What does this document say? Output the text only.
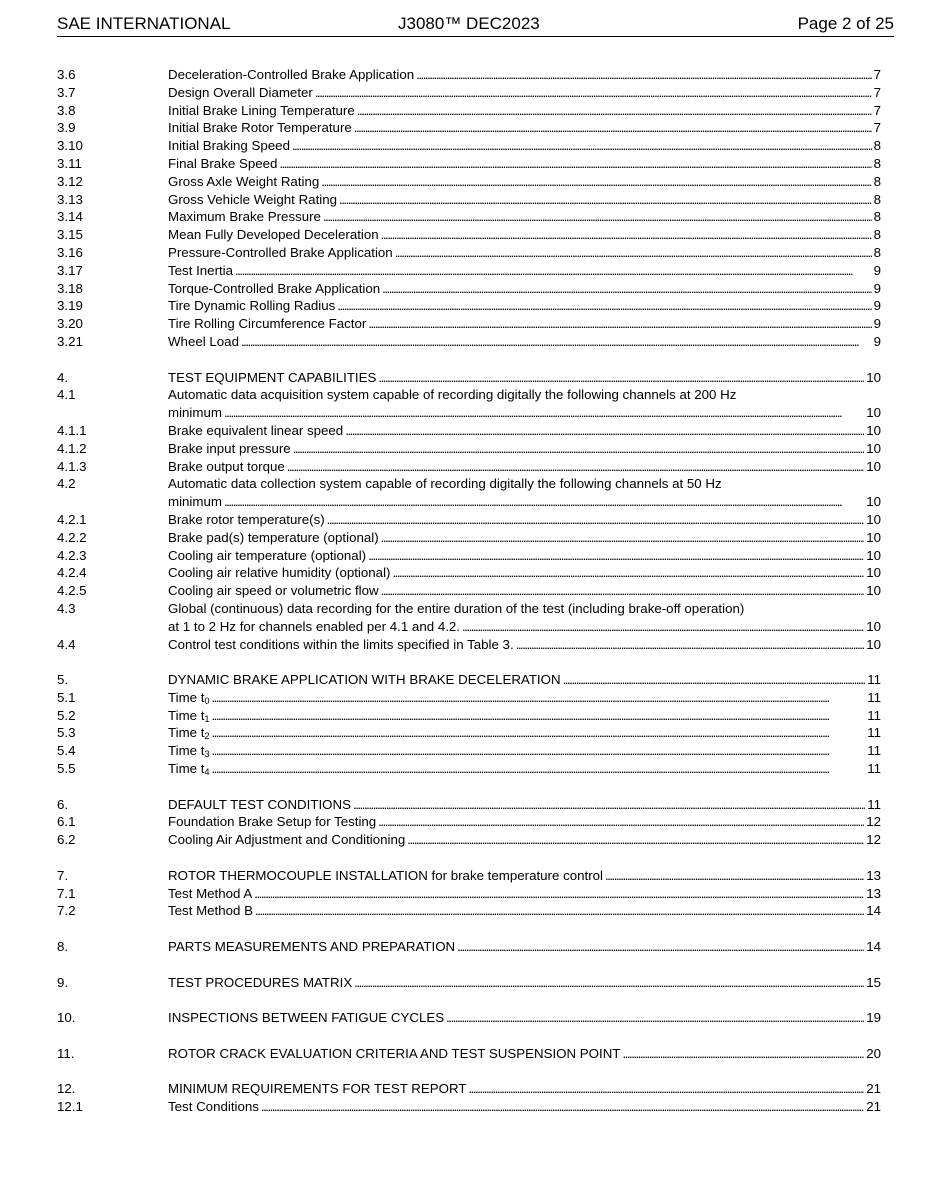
SAE INTERNATIONAL	J3080™ DEC2023	Page 2 of 25
3.6	Deceleration-Controlled Brake Application . . .	7
3.7	Design Overall Diameter . . .	7
3.8	Initial Brake Lining Temperature . . .	7
3.9	Initial Brake Rotor Temperature . . .	7
3.10	Initial Braking Speed . . .	8
3.11	Final Brake Speed . . .	8
3.12	Gross Axle Weight Rating . . .	8
3.13	Gross Vehicle Weight Rating . . .	8
3.14	Maximum Brake Pressure . . .	8
3.15	Mean Fully Developed Deceleration . . .	8
3.16	Pressure-Controlled Brake Application . . .	8
3.17	Test Inertia . . .	9
3.18	Torque-Controlled Brake Application . . .	9
3.19	Tire Dynamic Rolling Radius . . .	9
3.20	Tire Rolling Circumference Factor . . .	9
3.21	Wheel Load . . .	9
4.	TEST EQUIPMENT CAPABILITIES . . .	10
4.1	Automatic data acquisition system capable of recording digitally the following channels at 200 Hz
minimum . . .	10
4.1.1	Brake equivalent linear speed . . .	10
4.1.2	Brake input pressure . . .	10
4.1.3	Brake output torque . . .	10
4.2	Automatic data collection system capable of recording digitally the following channels at 50 Hz
minimum . . .	10
4.2.1	Brake rotor temperature(s) . . .	10
4.2.2	Brake pad(s) temperature (optional) . . .	10
4.2.3	Cooling air temperature (optional) . . .	10
4.2.4	Cooling air relative humidity (optional) . . .	10
4.2.5	Cooling air speed or volumetric flow . . .	10
4.3	Global (continuous) data recording for the entire duration of the test (including brake-off operation)
at 1 to 2 Hz for channels enabled per 4.1 and 4.2. . . .	10
4.4	Control test conditions within the limits specified in Table 3. . . .	10
5.	DYNAMIC BRAKE APPLICATION WITH BRAKE DECELERATION . . .	11
5.1	Time $t_0$ . . .	11
5.2	Time $t_1$ . . .	11
5.3	Time $t_2$ . . .	11
5.4	Time $t_3$ . . .	11
5.5	Time $t_4$ . . .	11
6.	DEFAULT TEST CONDITIONS . . .	11
6.1	Foundation Brake Setup for Testing . . .	12
6.2	Cooling Air Adjustment and Conditioning . . .	12
7.	ROTOR THERMOCOUPLE INSTALLATION for brake temperature control . . .	13
7.1	Test Method A . . .	13
7.2	Test Method B . . .	14
8.	PARTS MEASUREMENTS AND PREPARATION . . .	14
9.	TEST PROCEDURES MATRIX . . .	15
10.	INSPECTIONS BETWEEN FATIGUE CYCLES . . .	19
11.	ROTOR CRACK EVALUATION CRITERIA AND TEST SUSPENSION POINT . . .	20
12.	MINIMUM REQUIREMENTS FOR TEST REPORT . . .	21
12.1	Test Conditions . . .	21
